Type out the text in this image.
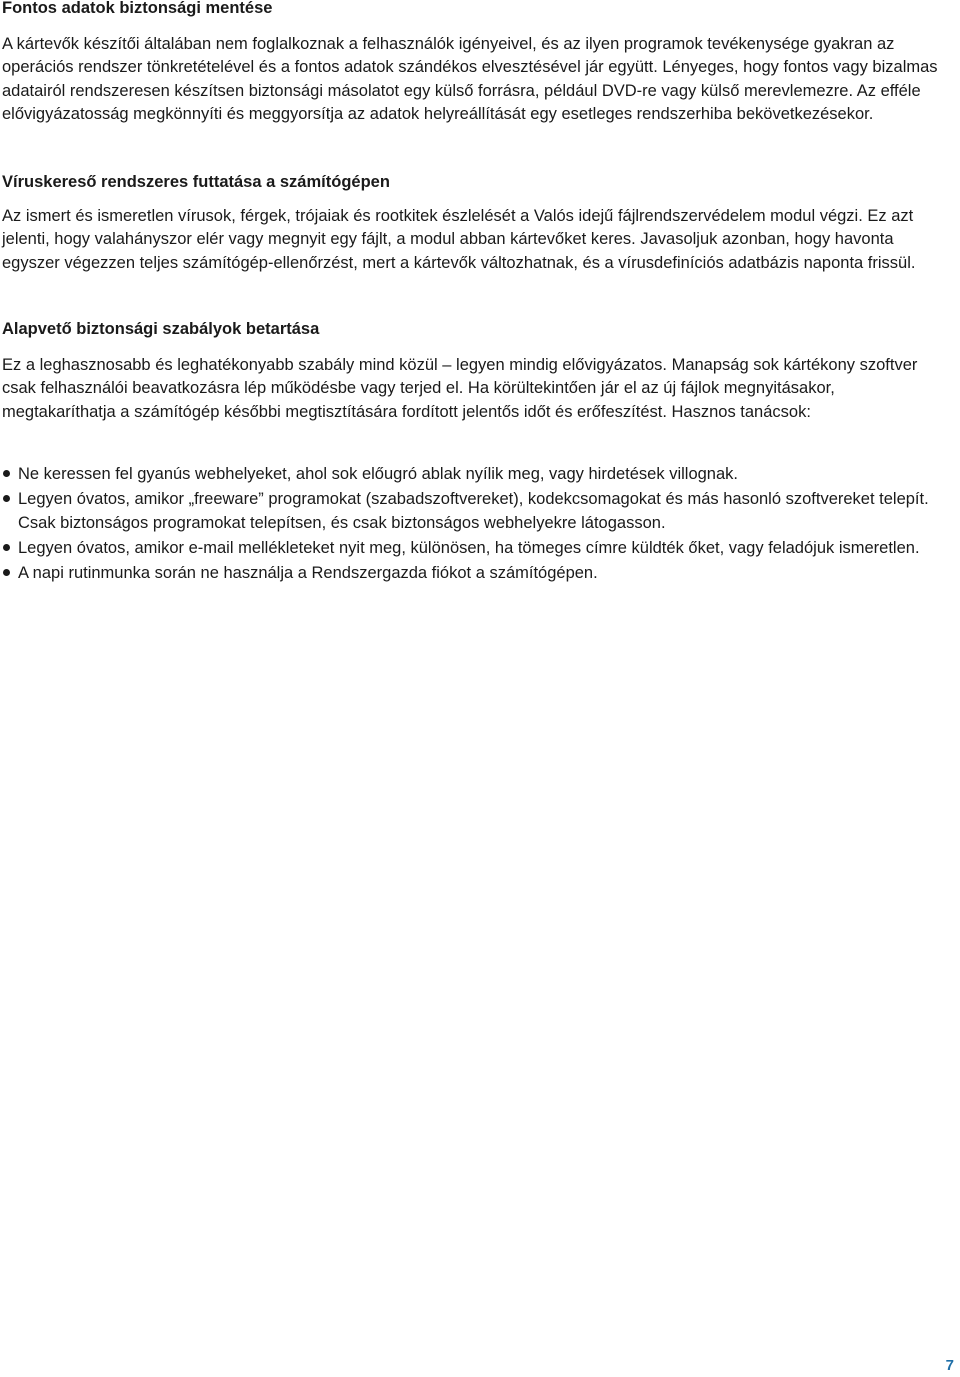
Fontos adatok biztonsági mentése

A kártevők készítői általában nem foglalkoznak a felhasználók igényeivel, és az ilyen programok tevékenysége gyakran az operációs rendszer tönkretételével és a fontos adatok szándékos elvesztésével jár együtt. Lényeges, hogy fontos vagy bizalmas adatairól rendszeresen készítsen biztonsági másolatot egy külső forrásra, például DVD-re vagy külső merevlemezre. Az efféle elővigyázatosság megkönnyíti és meggyorsítja az adatok helyreállítását egy esetleges rendszerhiba bekövetkezésekor.

Víruskereső rendszeres futtatása a számítógépen

Az ismert és ismeretlen vírusok, férgek, trójaiak és rootkitek észlelését a Valós idejű fájlrendszervédelem modul végzi. Ez azt jelenti, hogy valahányszor elér vagy megnyit egy fájlt, a modul abban kártevőket keres. Javasoljuk azonban, hogy havonta egyszer végezzen teljes számítógép-ellenőrzést, mert a kártevők változhatnak, és a vírusdefiníciós adatbázis naponta frissül.

Alapvető biztonsági szabályok betartása

Ez a leghasznosabb és leghatékonyabb szabály mind közül – legyen mindig elővigyázatos. Manapság sok kártékony szoftver csak felhasználói beavatkozásra lép működésbe vagy terjed el. Ha körültekintően jár el az új fájlok megnyitásakor, megtakaríthatja a számítógép későbbi megtisztítására fordított jelentős időt és erőfeszítést. Hasznos tanácsok:

Ne keressen fel gyanús webhelyeket, ahol sok előugró ablak nyílik meg, vagy hirdetések villognak.
Legyen óvatos, amikor „freeware” programokat (szabadszoftvereket), kodekcsomagokat és más hasonló szoftvereket telepít. Csak biztonságos programokat telepítsen, és csak biztonságos webhelyekre látogasson.
Legyen óvatos, amikor e-mail mellékleteket nyit meg, különösen, ha tömeges címre küldték őket, vagy feladójuk ismeretlen.
A napi rutinmunka során ne használja a Rendszergazda fiókot a számítógépen.
7
